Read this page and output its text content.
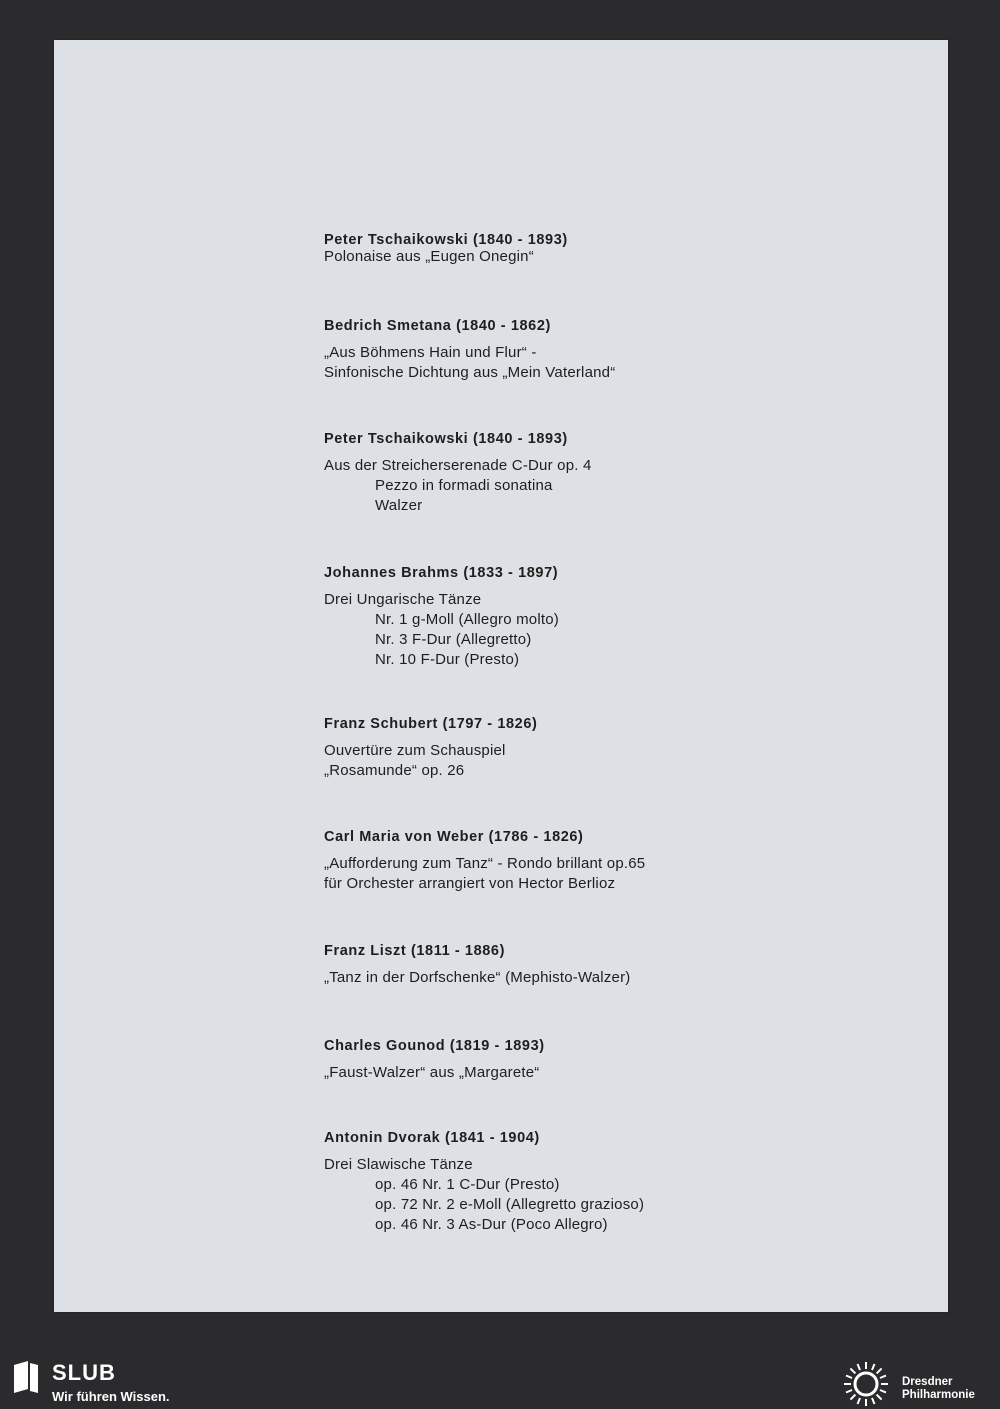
Peter Tschaikowski (1840 - 1893)
Polonaise aus „Eugen Onegin“
Bedrich Smetana (1840 - 1862)
„Aus Böhmens Hain und Flur“ -
Sinfonische Dichtung aus „Mein Vaterland“
Peter Tschaikowski (1840 - 1893)
Aus der Streicherserenade C-Dur op. 4
Pezzo in formadi sonatina
Walzer
Johannes Brahms (1833 - 1897)
Drei Ungarische Tänze
Nr. 1 g-Moll (Allegro molto)
Nr. 3 F-Dur (Allegretto)
Nr. 10 F-Dur (Presto)
Franz Schubert (1797 - 1826)
Ouvertüre zum Schauspiel
„Rosamunde“ op. 26
Carl Maria von Weber (1786 - 1826)
„Aufforderung zum Tanz“ - Rondo brillant op.65
für Orchester arrangiert von Hector Berlioz
Franz Liszt (1811 - 1886)
„Tanz in der Dorfschenke“ (Mephisto-Walzer)
Charles Gounod (1819 - 1893)
„Faust-Walzer“ aus „Margarete“
Antonin Dvorak (1841 - 1904)
Drei Slawische Tänze
op. 46 Nr. 1 C-Dur (Presto)
op. 72 Nr. 2 e-Moll (Allegretto grazioso)
op. 46 Nr. 3 As-Dur (Poco Allegro)
SLUB
Wir führen Wissen.
Dresdner
Philharmonie
